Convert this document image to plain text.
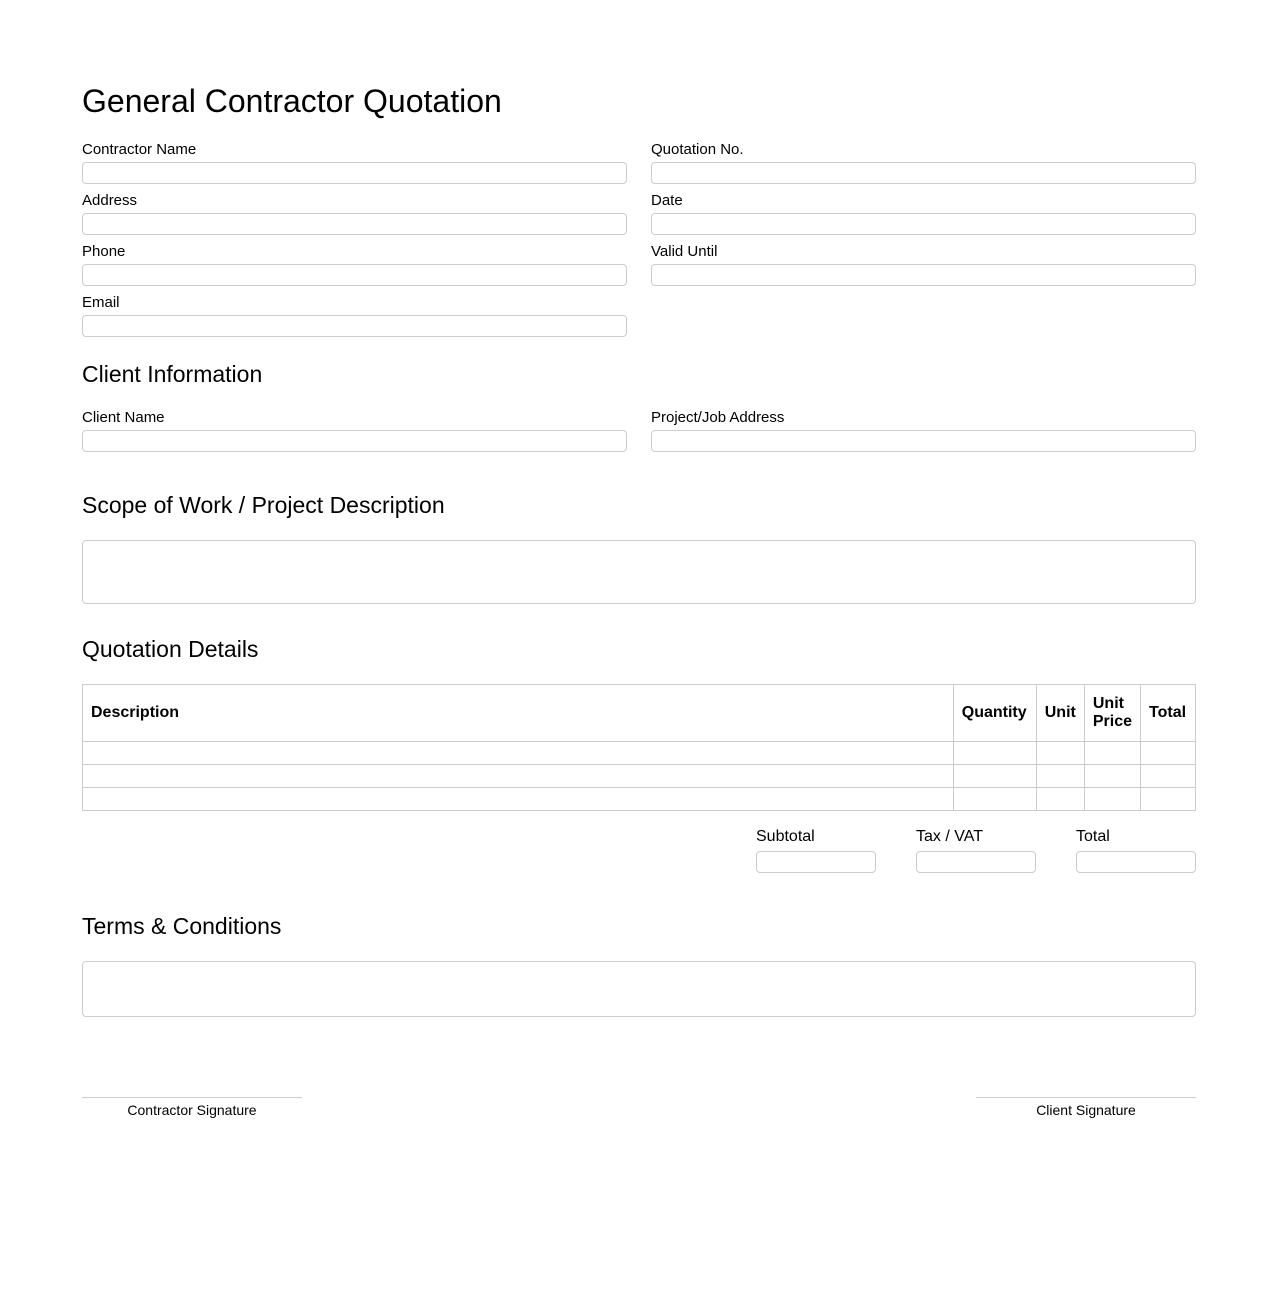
General Contractor Quotation
Contractor Name
Address
Phone
Email
Quotation No.
Date
Valid Until
Client Information
Client Name	Project/Job Address
Scope of Work / Project Description
Quotation Details
Description	Quantity	Unit	Unit Price	Total

Subtotal	Tax / VAT	Total
Terms & Conditions
Contractor Signature	Client Signature
